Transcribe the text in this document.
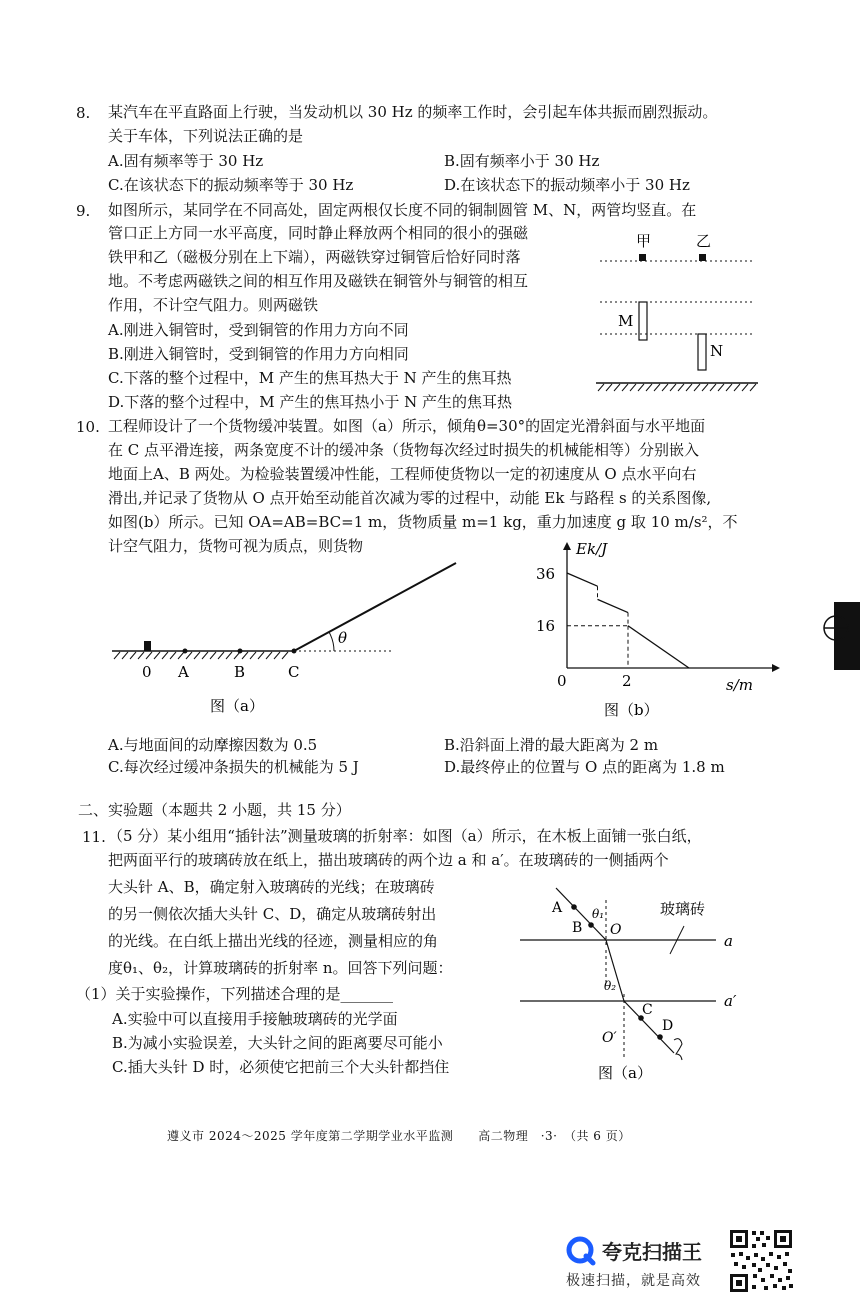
8. 某汽车在平直路面上行驶，当发动机以 30 Hz 的频率工作时，会引起车体共振而剧烈振动。
关于车体，下列说法正确的是
A.固有频率等于 30 Hz	B.固有频率小于 30 Hz
C.在该状态下的振动频率等于 30 Hz	D.在该状态下的振动频率小于 30 Hz
9. 如图所示，某同学在不同高处，固定两根仅长度不同的铜制圆管 M、N，两管均竖直。在
管口正上方同一水平高度，同时静止释放两个相同的很小的强磁
铁甲和乙（磁极分别在上下端），两磁铁穿过铜管后恰好同时落
地。不考虑两磁铁之间的相互作用及磁铁在铜管外与铜管的相互
作用，不计空气阻力。则两磁铁
A.刚进入铜管时，受到铜管的作用力方向不同
B.刚进入铜管时，受到铜管的作用力方向相同
C.下落的整个过程中，M 产生的焦耳热大于 N 产生的焦耳热
D.下落的整个过程中，M 产生的焦耳热小于 N 产生的焦耳热
甲	乙
M
N
10. 工程师设计了一个货物缓冲装置。如图（a）所示，倾角θ=30°的固定光滑斜面与水平地面
在 C 点平滑连接，两条宽度不计的缓冲条（货物每次经过时损失的机械能相等）分别嵌入
地面上A、B 两处。为检验装置缓冲性能，工程师使货物以一定的初速度从 O 点水平向右
滑出,并记录了货物从 O 点开始至动能首次减为零的过程中，动能 Ek 与路程 s 的关系图像,
如图(b）所示。已知 OA=AB=BC=1 m，货物质量 m=1 kg，重力加速度 g 取 10 m/s²，不
计空气阻力，货物可视为质点，则货物
θ
0 A	B	C
图（a）
Ek/J
36
16
0	2	s/m
图（b）
A.与地面间的动摩擦因数为 0.5	B.沿斜面上滑的最大距离为 2 m
C.每次经过缓冲条损失的机械能为 5 J	D.最终停止的位置与 O 点的距离为 1.8 m
二、实验题（本题共 2 小题，共 15 分）
11. （5 分）某小组用“插针法”测量玻璃的折射率：如图（a）所示，在木板上面铺一张白纸，
把两面平行的玻璃砖放在纸上，描出玻璃砖的两个边 a 和 a′。在玻璃砖的一侧插两个
大头针 A、B，确定射入玻璃砖的光线；在玻璃砖
的另一侧依次插大头针 C、D，确定从玻璃砖射出
的光线。在白纸上描出光线的径迹，测量相应的角
度θ₁、θ₂，计算玻璃砖的折射率 n。回答下列问题：
（1）关于实验操作，下列描述合理的是_______
A.实验中可以直接用手接触玻璃砖的光学面
B.为减小实验误差，大头针之间的距离要尽可能小
C.插大头针 D 时，必须使它把前三个大头针都挡住
A
B
C
D
O
O′
θ₁
θ₂
玻璃砖
a
a′
图（a）
遵义市 2024～2025 学年度第二学期学业水平监测　　高二物理　·3·　（共 6 页）
夸克扫描王
极速扫描，就是高效
